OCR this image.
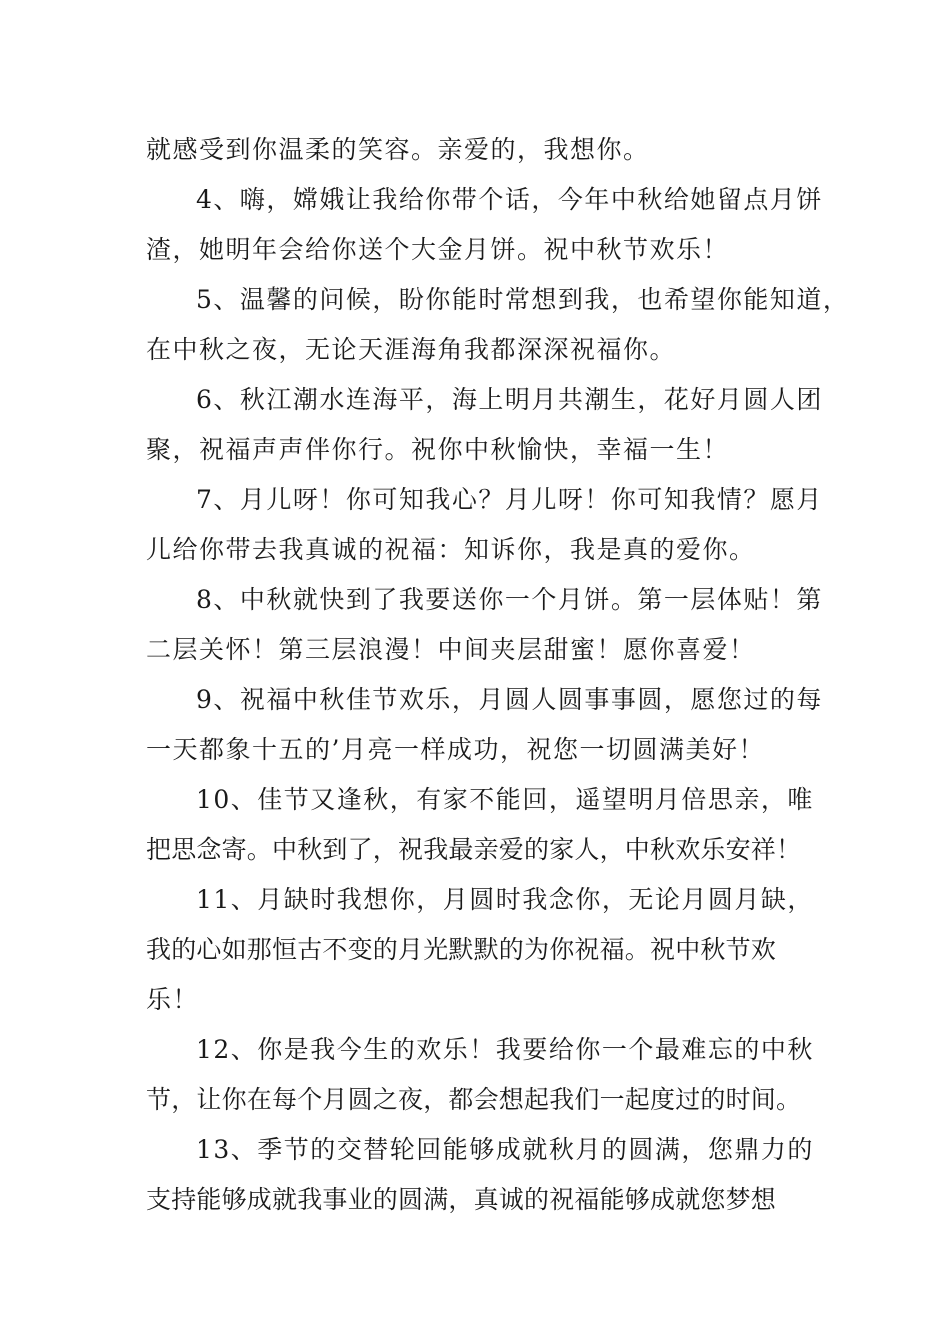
就感受到你温柔的笑容。亲爱的，我想你。
4、嗨，嫦娥让我给你带个话，今年中秋给她留点月饼
渣，她明年会给你送个大金月饼。祝中秋节欢乐！
5、温馨的问候，盼你能时常想到我，也希望你能知道，
在中秋之夜，无论天涯海角我都深深祝福你。
6、秋江潮水连海平，海上明月共潮生，花好月圆人团
聚，祝福声声伴你行。祝你中秋愉快，幸福一生！
7、月儿呀！你可知我心？月儿呀！你可知我情？愿月
儿给你带去我真诚的祝福：知诉你，我是真的爱你。
8、中秋就快到了我要送你一个月饼。第一层体贴！第
二层关怀！第三层浪漫！中间夹层甜蜜！愿你喜爱！
9、祝福中秋佳节欢乐，月圆人圆事事圆，愿您过的每
一天都象十五的’月亮一样成功，祝您一切圆满美好！
10、佳节又逢秋，有家不能回，遥望明月倍思亲，唯
把思念寄。中秋到了，祝我最亲爱的家人，中秋欢乐安祥！
11、月缺时我想你，月圆时我念你，无论月圆月缺，
我的心如那恒古不变的月光默默的为你祝福。祝中秋节欢
乐！
12、你是我今生的欢乐！我要给你一个最难忘的中秋
节，让你在每个月圆之夜，都会想起我们一起度过的时间。
13、季节的交替轮回能够成就秋月的圆满，您鼎力的
支持能够成就我事业的圆满，真诚的祝福能够成就您梦想
